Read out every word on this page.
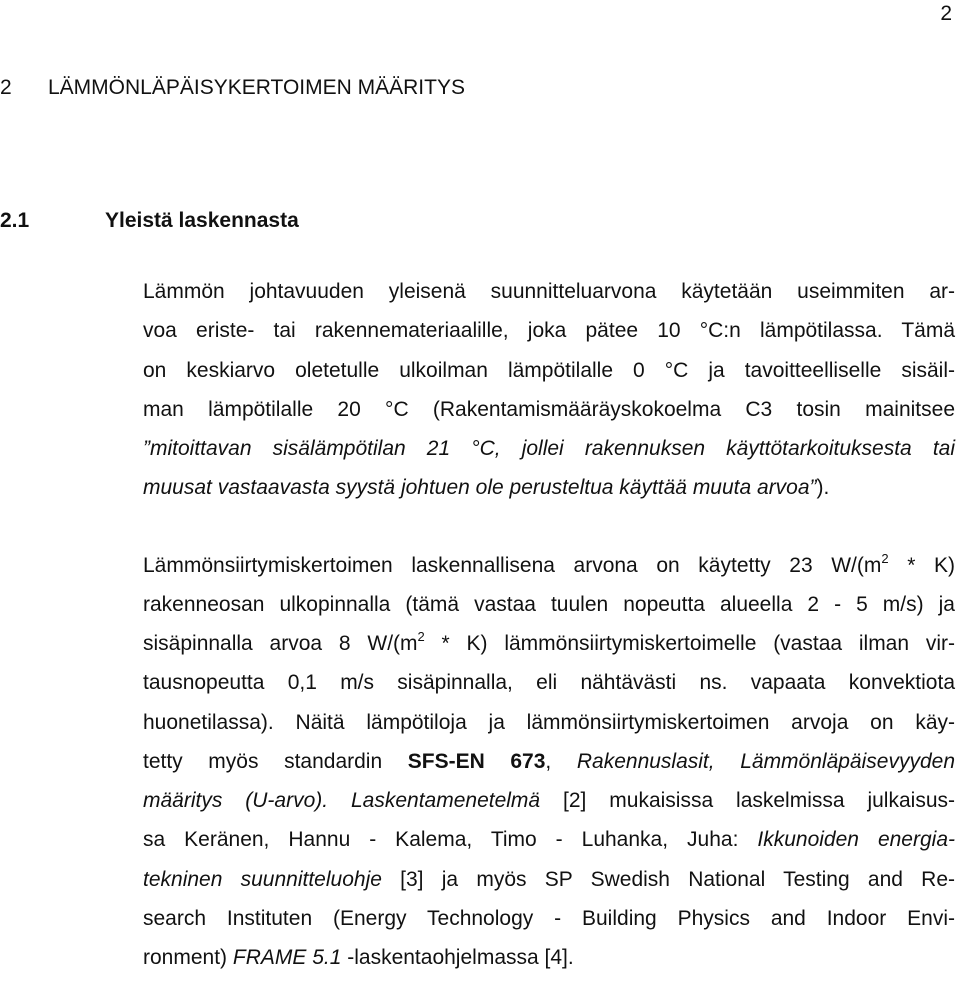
2
2 LÄMMÖNLÄPÄISYKERTOIMEN MÄÄRITYS
2.1	Yleistä laskennasta
Lämmön johtavuuden yleisenä suunnitteluarvona käytetään useimmiten ar-
voa eriste- tai rakennemateriaalille, joka pätee 10 °C:n lämpötilassa. Tämä
on keskiarvo oletetulle ulkoilman lämpötilalle 0 °C ja tavoitteelliselle sisäil-
man lämpötilalle 20 °C (Rakentamismääräyskokoelma C3 tosin mainitsee
”mitoittavan sisälämpötilan 21 °C, jollei rakennuksen käyttötarkoituksesta tai
muusat vastaavasta syystä johtuen ole perusteltua käyttää muuta arvoa”).
Lämmönsiirtymiskertoimen laskennallisena arvona on käytetty 23 $W/(m^2 * K)$
rakenneosan ulkopinnalla (tämä vastaa tuulen nopeutta alueella 2 - 5 m/s) ja
sisäpinnalla arvoa 8 $W/(m^2 * K)$ lämmönsiirtymiskertoimelle (vastaa ilman vir-
tausnopeutta 0,1 m/s sisäpinnalla, eli nähtävästi ns. vapaata konvektiota
huonetilassa). Näitä lämpötiloja ja lämmönsiirtymiskertoimen arvoja on käy-
tetty myös standardin SFS-EN 673, Rakennuslasit, Lämmönläpäisevyyden
määritys (U-arvo). Laskentamenetelmä [2] mukaisissa laskelmissa julkaisus-
sa Keränen, Hannu - Kalema, Timo - Luhanka, Juha: Ikkunoiden energia-
tekninen suunnitteluohje [3] ja myös SP Swedish National Testing and Re-
search Instituten (Energy Technology - Building Physics and Indoor Envi-
ronment) FRAME 5.1 -laskentaohjelmassa [4].
